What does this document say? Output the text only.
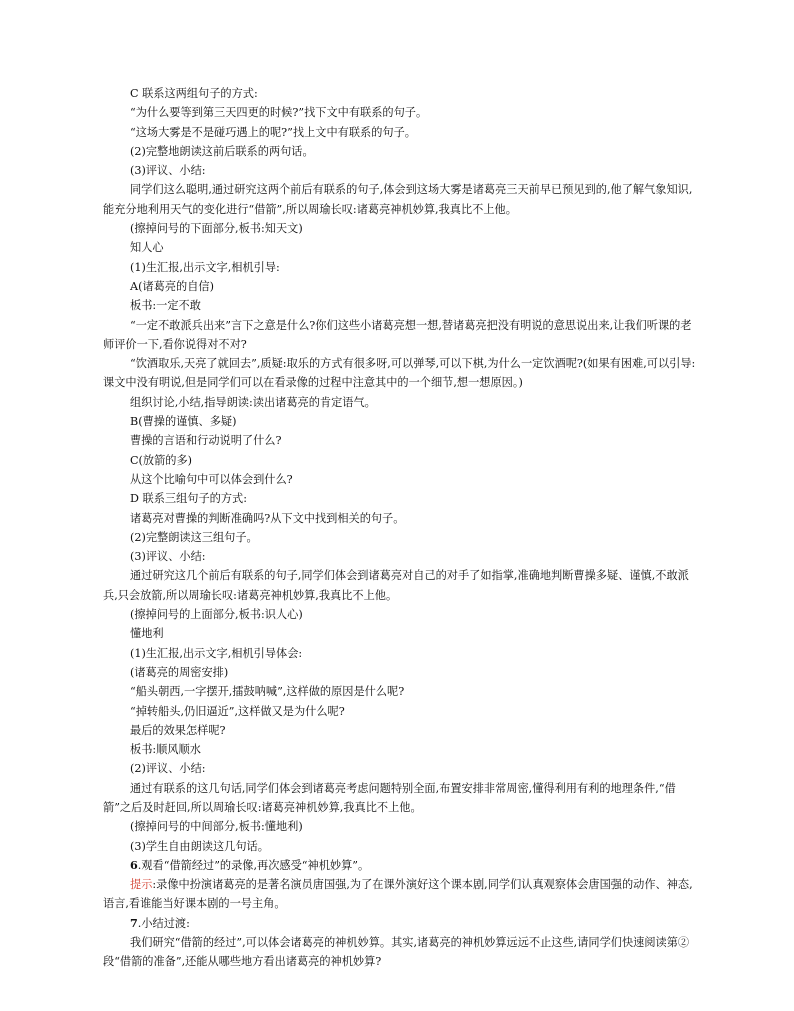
C 联系这两组句子的方式:

“为什么要等到第三天四更的时候?”找下文中有联系的句子。

“这场大雾是不是碰巧遇上的呢?”找上文中有联系的句子。

(2)完整地朗读这前后联系的两句话。

(3)评议、小结:

同学们这么聪明,通过研究这两个前后有联系的句子,体会到这场大雾是诸葛亮三天前早已预见到的,他了解气象知识,能充分地利用天气的变化进行“借箭”,所以周瑜长叹:诸葛亮神机妙算,我真比不上他。

(擦掉问号的下面部分,板书:知天文)

知人心

(1)生汇报,出示文字,相机引导:

A(诸葛亮的自信)

板书:一定不敢

“一定不敢派兵出来”言下之意是什么?你们这些小诸葛亮想一想,替诸葛亮把没有明说的意思说出来,让我们听课的老师评价一下,看你说得对不对?

“饮酒取乐,天亮了就回去”,质疑:取乐的方式有很多呀,可以弹琴,可以下棋,为什么一定饮酒呢?(如果有困难,可以引导:课文中没有明说,但是同学们可以在看录像的过程中注意其中的一个细节,想一想原因。)

组织讨论,小结,指导朗读:读出诸葛亮的肯定语气。

B(曹操的谨慎、多疑)

曹操的言语和行动说明了什么?

C(放箭的多)

从这个比喻句中可以体会到什么?

D 联系三组句子的方式:

诸葛亮对曹操的判断准确吗?从下文中找到相关的句子。

(2)完整朗读这三组句子。

(3)评议、小结:

通过研究这几个前后有联系的句子,同学们体会到诸葛亮对自己的对手了如指掌,准确地判断曹操多疑、谨慎,不敢派兵,只会放箭,所以周瑜长叹:诸葛亮神机妙算,我真比不上他。

(擦掉问号的上面部分,板书:识人心)

懂地利

(1)生汇报,出示文字,相机引导体会:

(诸葛亮的周密安排)

“船头朝西,一字摆开,擂鼓呐喊”,这样做的原因是什么呢?

“掉转船头,仍旧逼近”,这样做又是为什么呢?

最后的效果怎样呢?

板书:顺风顺水

(2)评议、小结:

通过有联系的这几句话,同学们体会到诸葛亮考虑问题特别全面,布置安排非常周密,懂得利用有利的地理条件,“借箭”之后及时赶回,所以周瑜长叹:诸葛亮神机妙算,我真比不上他。

(擦掉问号的中间部分,板书:懂地利)

(3)学生自由朗读这几句话。

6.观看“借箭经过”的录像,再次感受“神机妙算”。

提示:录像中扮演诸葛亮的是著名演员唐国强,为了在课外演好这个课本剧,同学们认真观察体会唐国强的动作、神态,语言,看谁能当好课本剧的一号主角。

7.小结过渡:

我们研究“借箭的经过”,可以体会诸葛亮的神机妙算。其实,诸葛亮的神机妙算远远不止这些,请同学们快速阅读第②段“借箭的准备”,还能从哪些地方看出诸葛亮的神机妙算?
